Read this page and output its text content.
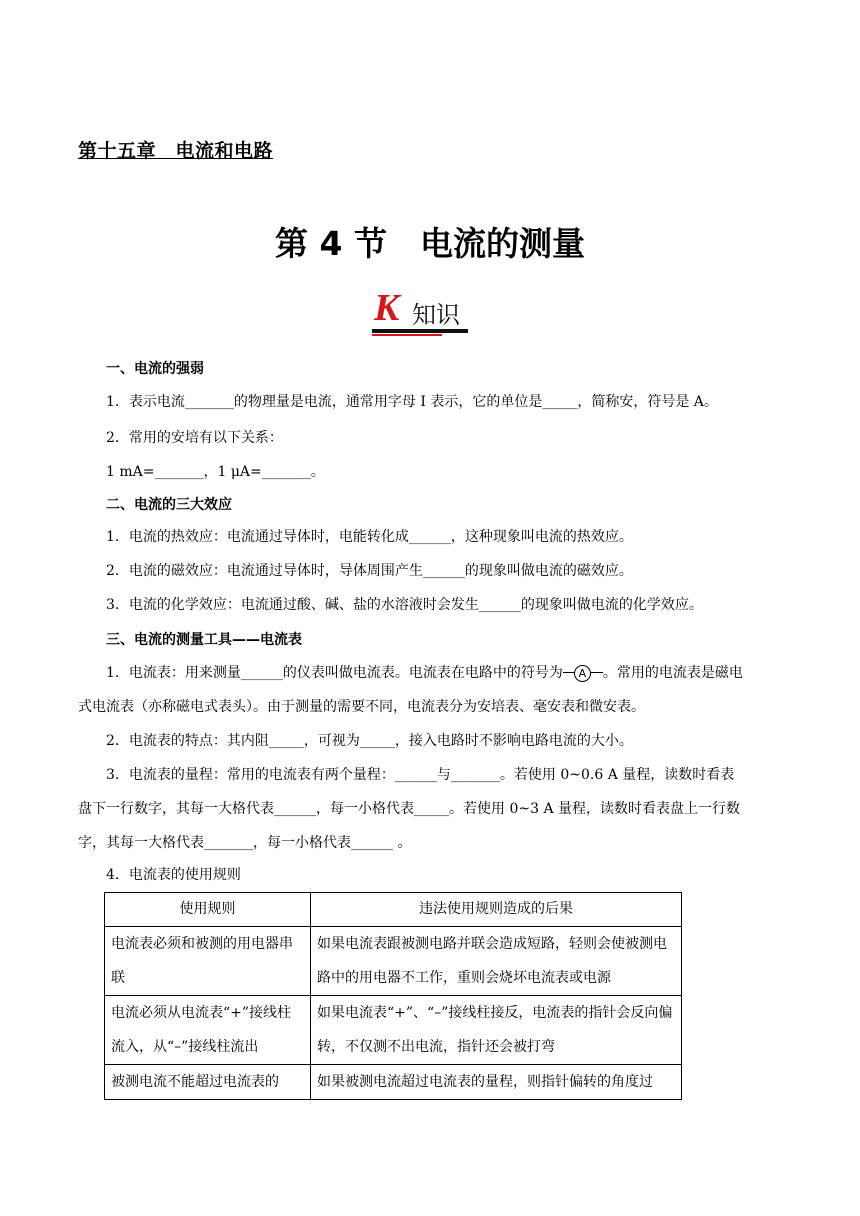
第十五章　电流和电路
第 4 节　电流的测量
K 知识
一、电流的强弱
1．表示电流_______的物理量是电流，通常用字母 I 表示，它的单位是_____，简称安，符号是 A。
2．常用的安培有以下关系：
1 mA=_______，1 μA=_______。
二、电流的三大效应
1．电流的热效应：电流通过导体时，电能转化成______，这种现象叫电流的热效应。
2．电流的磁效应：电流通过导体时，导体周围产生______的现象叫做电流的磁效应。
3．电流的化学效应：电流通过酸、碱、盐的水溶液时会发生______的现象叫做电流的化学效应。
三、电流的测量工具——电流表
1．电流表：用来测量______的仪表叫做电流表。电流表在电路中的符号为	A	。常用的电流表是磁电
式电流表（亦称磁电式表头）。由于测量的需要不同，电流表分为安培表、毫安表和微安表。
2．电流表的特点：其内阻_____，可视为_____，接入电路时不影响电路电流的大小。
3．电流表的量程：常用的电流表有两个量程：______与_______。若使用 0~0.6 A 量程，读数时看表
盘下一行数字，其每一大格代表______，每一小格代表_____。若使用 0~3 A 量程，读数时看表盘上一行数
字，其每一大格代表_______，每一小格代表______ 。
4．电流表的使用规则
使用规则	违法使用规则造成的后果
电流表必须和被测的用电器串联	如果电流表跟被测电路并联会造成短路，轻则会使被测电路中的用电器不工作，重则会烧坏电流表或电源
电流必须从电流表“+”接线柱流入，从“–”接线柱流出	如果电流表“+”、“–”接线柱接反，电流表的指针会反向偏转，不仅测不出电流，指针还会被打弯
被测电流不能超过电流表的	如果被测电流超过电流表的量程，则指针偏转的角度过
